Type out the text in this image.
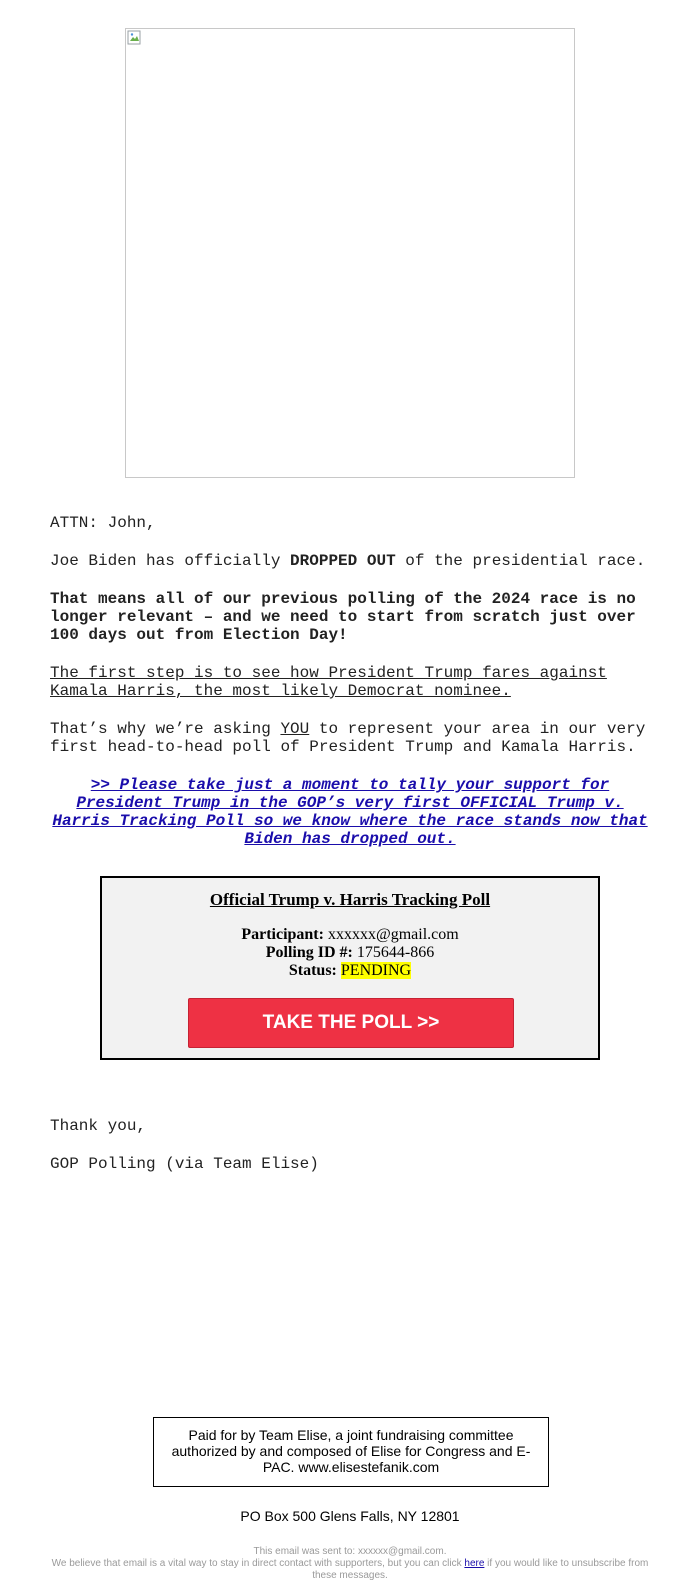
ATTN: John,

Joe Biden has officially DROPPED OUT of the presidential race.

That means all of our previous polling of the 2024 race is no longer relevant – and we need to start from scratch just over 100 days out from Election Day!

The first step is to see how President Trump fares against Kamala Harris, the most likely Democrat nominee.

That’s why we’re asking YOU to represent your area in our very first head-to-head poll of President Trump and Kamala Harris.

>> Please take just a moment to tally your support for President Trump in the GOP’s very first OFFICIAL Trump v. Harris Tracking Poll so we know where the race stands now that Biden has dropped out.

Official Trump v. Harris Tracking Poll
Participant: xxxxxx@gmail.com
Polling ID #: 175644-866
Status: PENDING
TAKE THE POLL >>

Thank you,

GOP Polling (via Team Elise)

Paid for by Team Elise, a joint fundraising committee authorized by and composed of Elise for Congress and E-PAC. www.elisestefanik.com
PO Box 500 Glens Falls, NY 12801
This email was sent to: xxxxxx@gmail.com.
We believe that email is a vital way to stay in direct contact with supporters, but you can click here if you would like to unsubscribe from these messages.
